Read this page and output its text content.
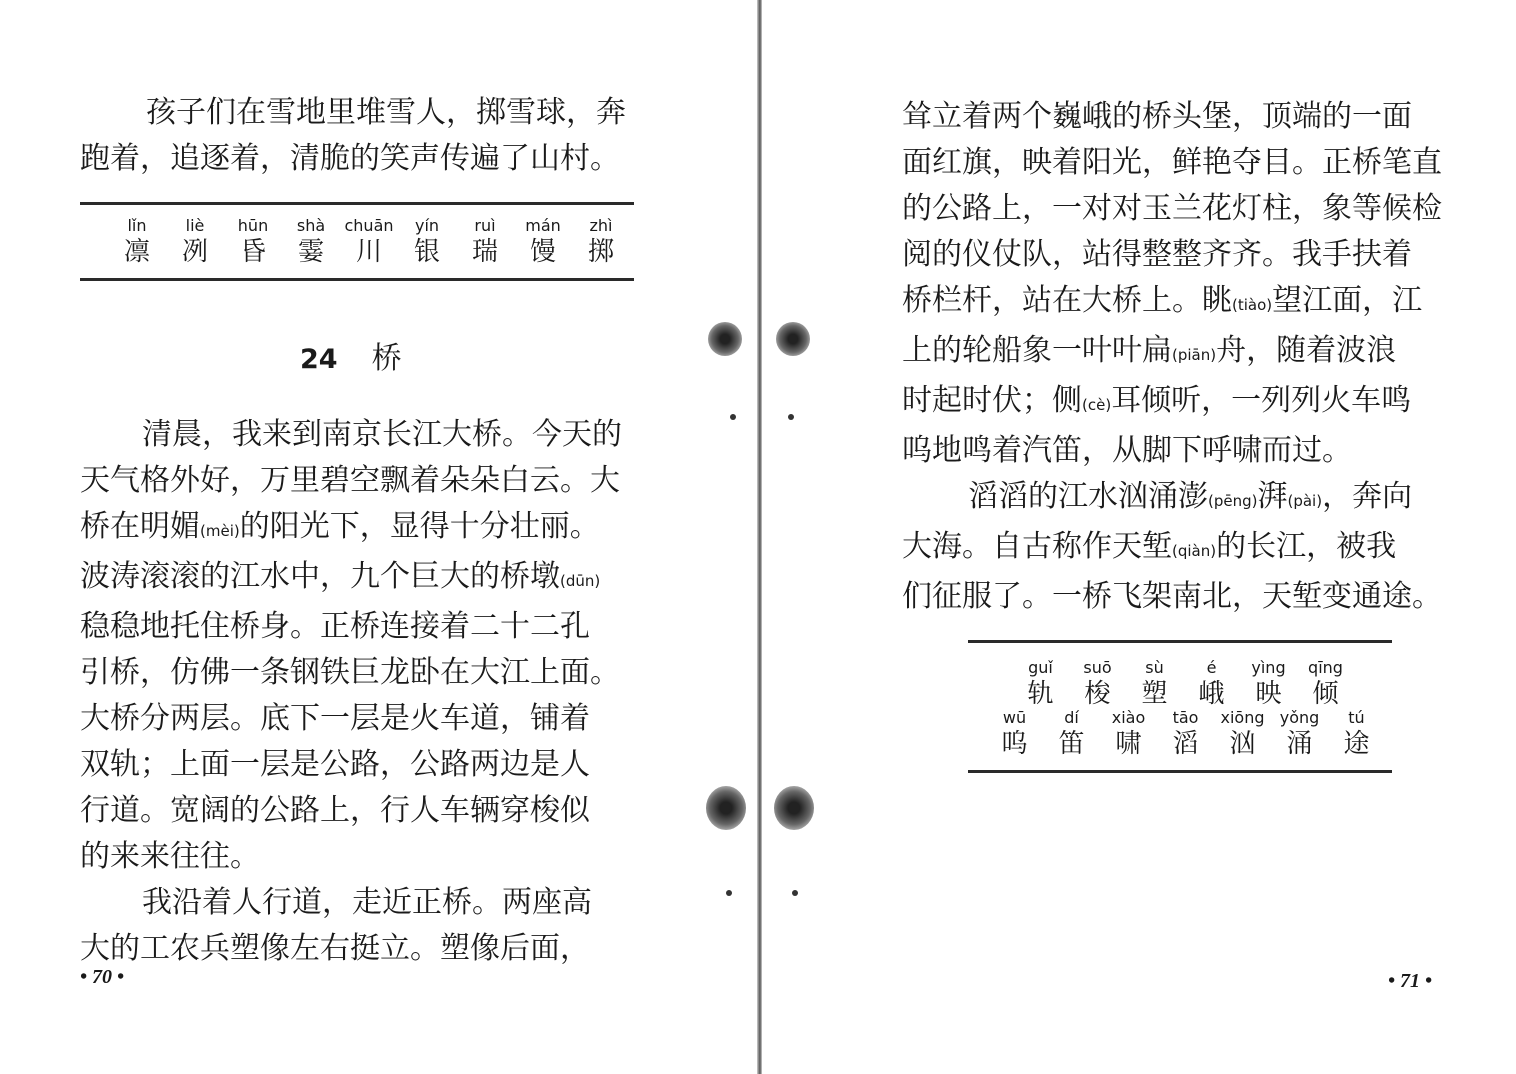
孩子们在雪地里堆雪人，掷雪球，奔
跑着，追逐着，清脆的笑声传遍了山村。
lǐn
凛
liè
冽
hūn
昏
shà
霎
chuān
川
yín
银
ruì
瑞
mán
馒
zhì
掷
24 桥
清晨，我来到南京长江大桥。今天的
天气格外好，万里碧空飘着朵朵白云。大
桥在明媚(mèi)的阳光下，显得十分壮丽。
波涛滚滚的江水中，九个巨大的桥墩(dūn)
稳稳地托住桥身。正桥连接着二十二孔
引桥，仿佛一条钢铁巨龙卧在大江上面。
大桥分两层。底下一层是火车道，铺着
双轨；上面一层是公路，公路两边是人
行道。宽阔的公路上，行人车辆穿梭似
的来来往往。
我沿着人行道，走近正桥。两座高
大的工农兵塑像左右挺立。塑像后面，
• 70 •
耸立着两个巍峨的桥头堡，顶端的一面
面红旗，映着阳光，鲜艳夺目。正桥笔直
的公路上，一对对玉兰花灯柱，象等候检
阅的仪仗队，站得整整齐齐。我手扶着
桥栏杆，站在大桥上。眺(tiào)望江面，江
上的轮船象一叶叶扁(piān)舟，随着波浪
时起时伏；侧(cè)耳倾听，一列列火车鸣
呜地鸣着汽笛，从脚下呼啸而过。
滔滔的江水汹涌澎(pēng)湃(pài)，奔向
大海。自古称作天堑(qiàn)的长江，被我
们征服了。一桥飞架南北，天堑变通途。
guǐ
轨
suō
梭
sù
塑
é
峨
yìng
映
qīng
倾
wū
呜
dí
笛
xiào
啸
tāo
滔
xiōng
汹
yǒng
涌
tú
途
• 71 •
